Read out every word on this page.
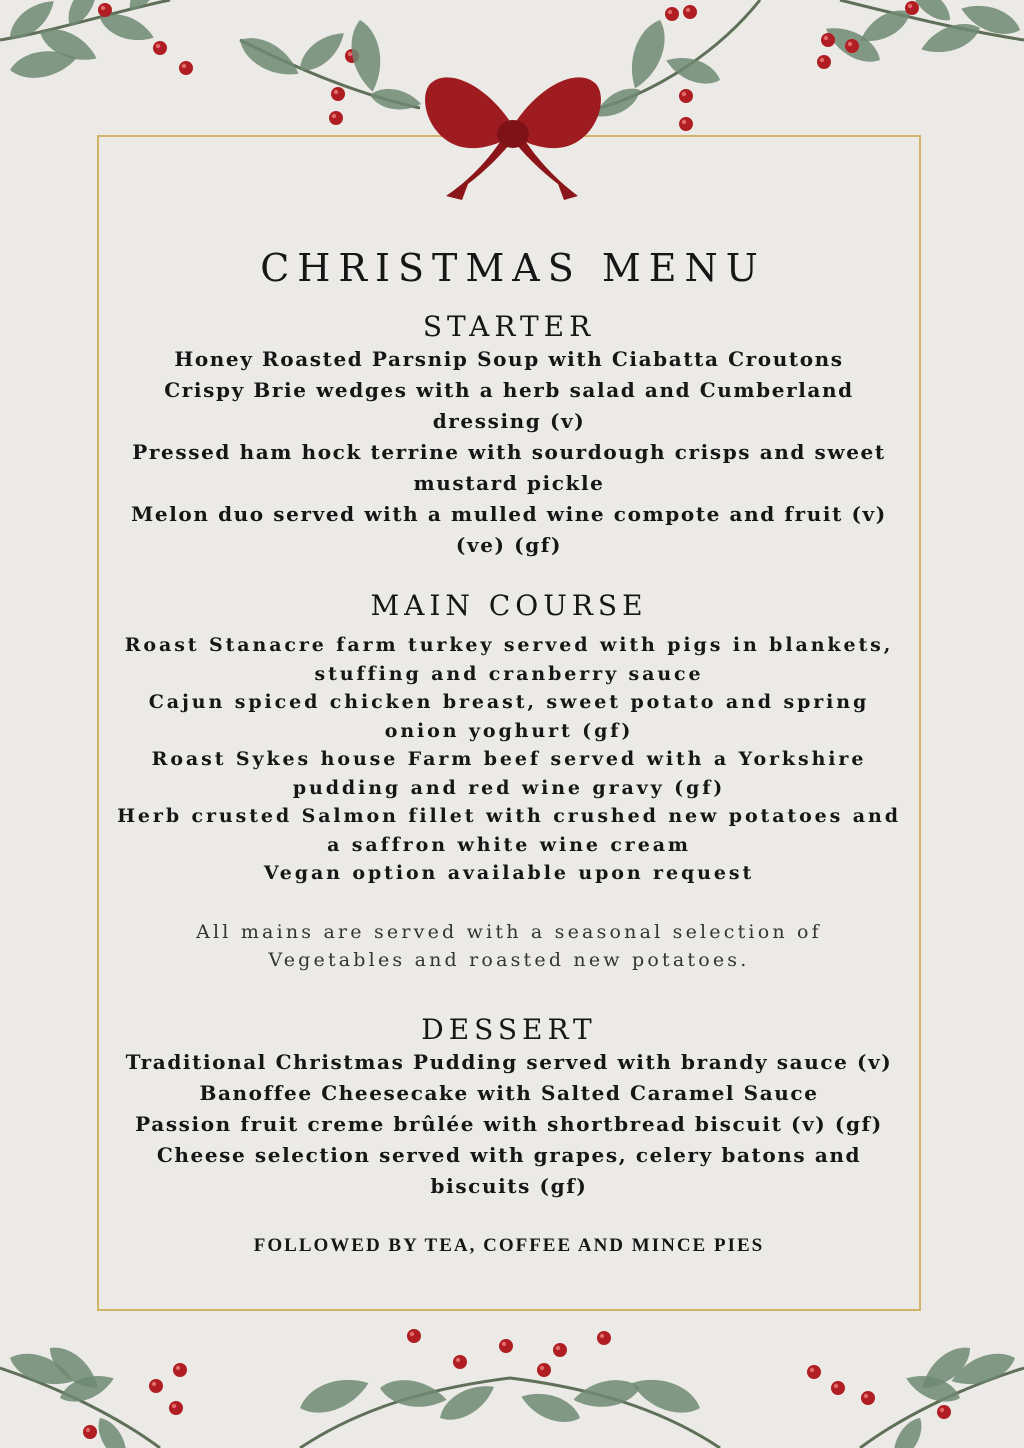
CHRISTMAS MENU
STARTER
Honey Roasted Parsnip Soup with Ciabatta Croutons
Crispy Brie wedges with a herb salad and Cumberland dressing (v)
Pressed ham hock terrine with sourdough crisps and sweet mustard pickle
Melon duo served with a mulled wine compote and fruit (v) (ve) (gf)
MAIN COURSE
Roast Stanacre farm turkey served with pigs in blankets, stuffing and cranberry sauce
Cajun spiced chicken breast, sweet potato and spring onion yoghurt (gf)
Roast Sykes house Farm beef served with a Yorkshire pudding and red wine gravy (gf)
Herb crusted Salmon fillet with crushed new potatoes and a saffron white wine cream
Vegan option available upon request

All mains are served with a seasonal selection of Vegetables and roasted new potatoes.

DESSERT
Traditional Christmas Pudding served with brandy sauce (v)
Banoffee Cheesecake with Salted Caramel Sauce
Passion fruit creme brûlée with shortbread biscuit (v) (gf)
Cheese selection served with grapes, celery batons and biscuits (gf)

FOLLOWED BY TEA, COFFEE AND MINCE PIES
